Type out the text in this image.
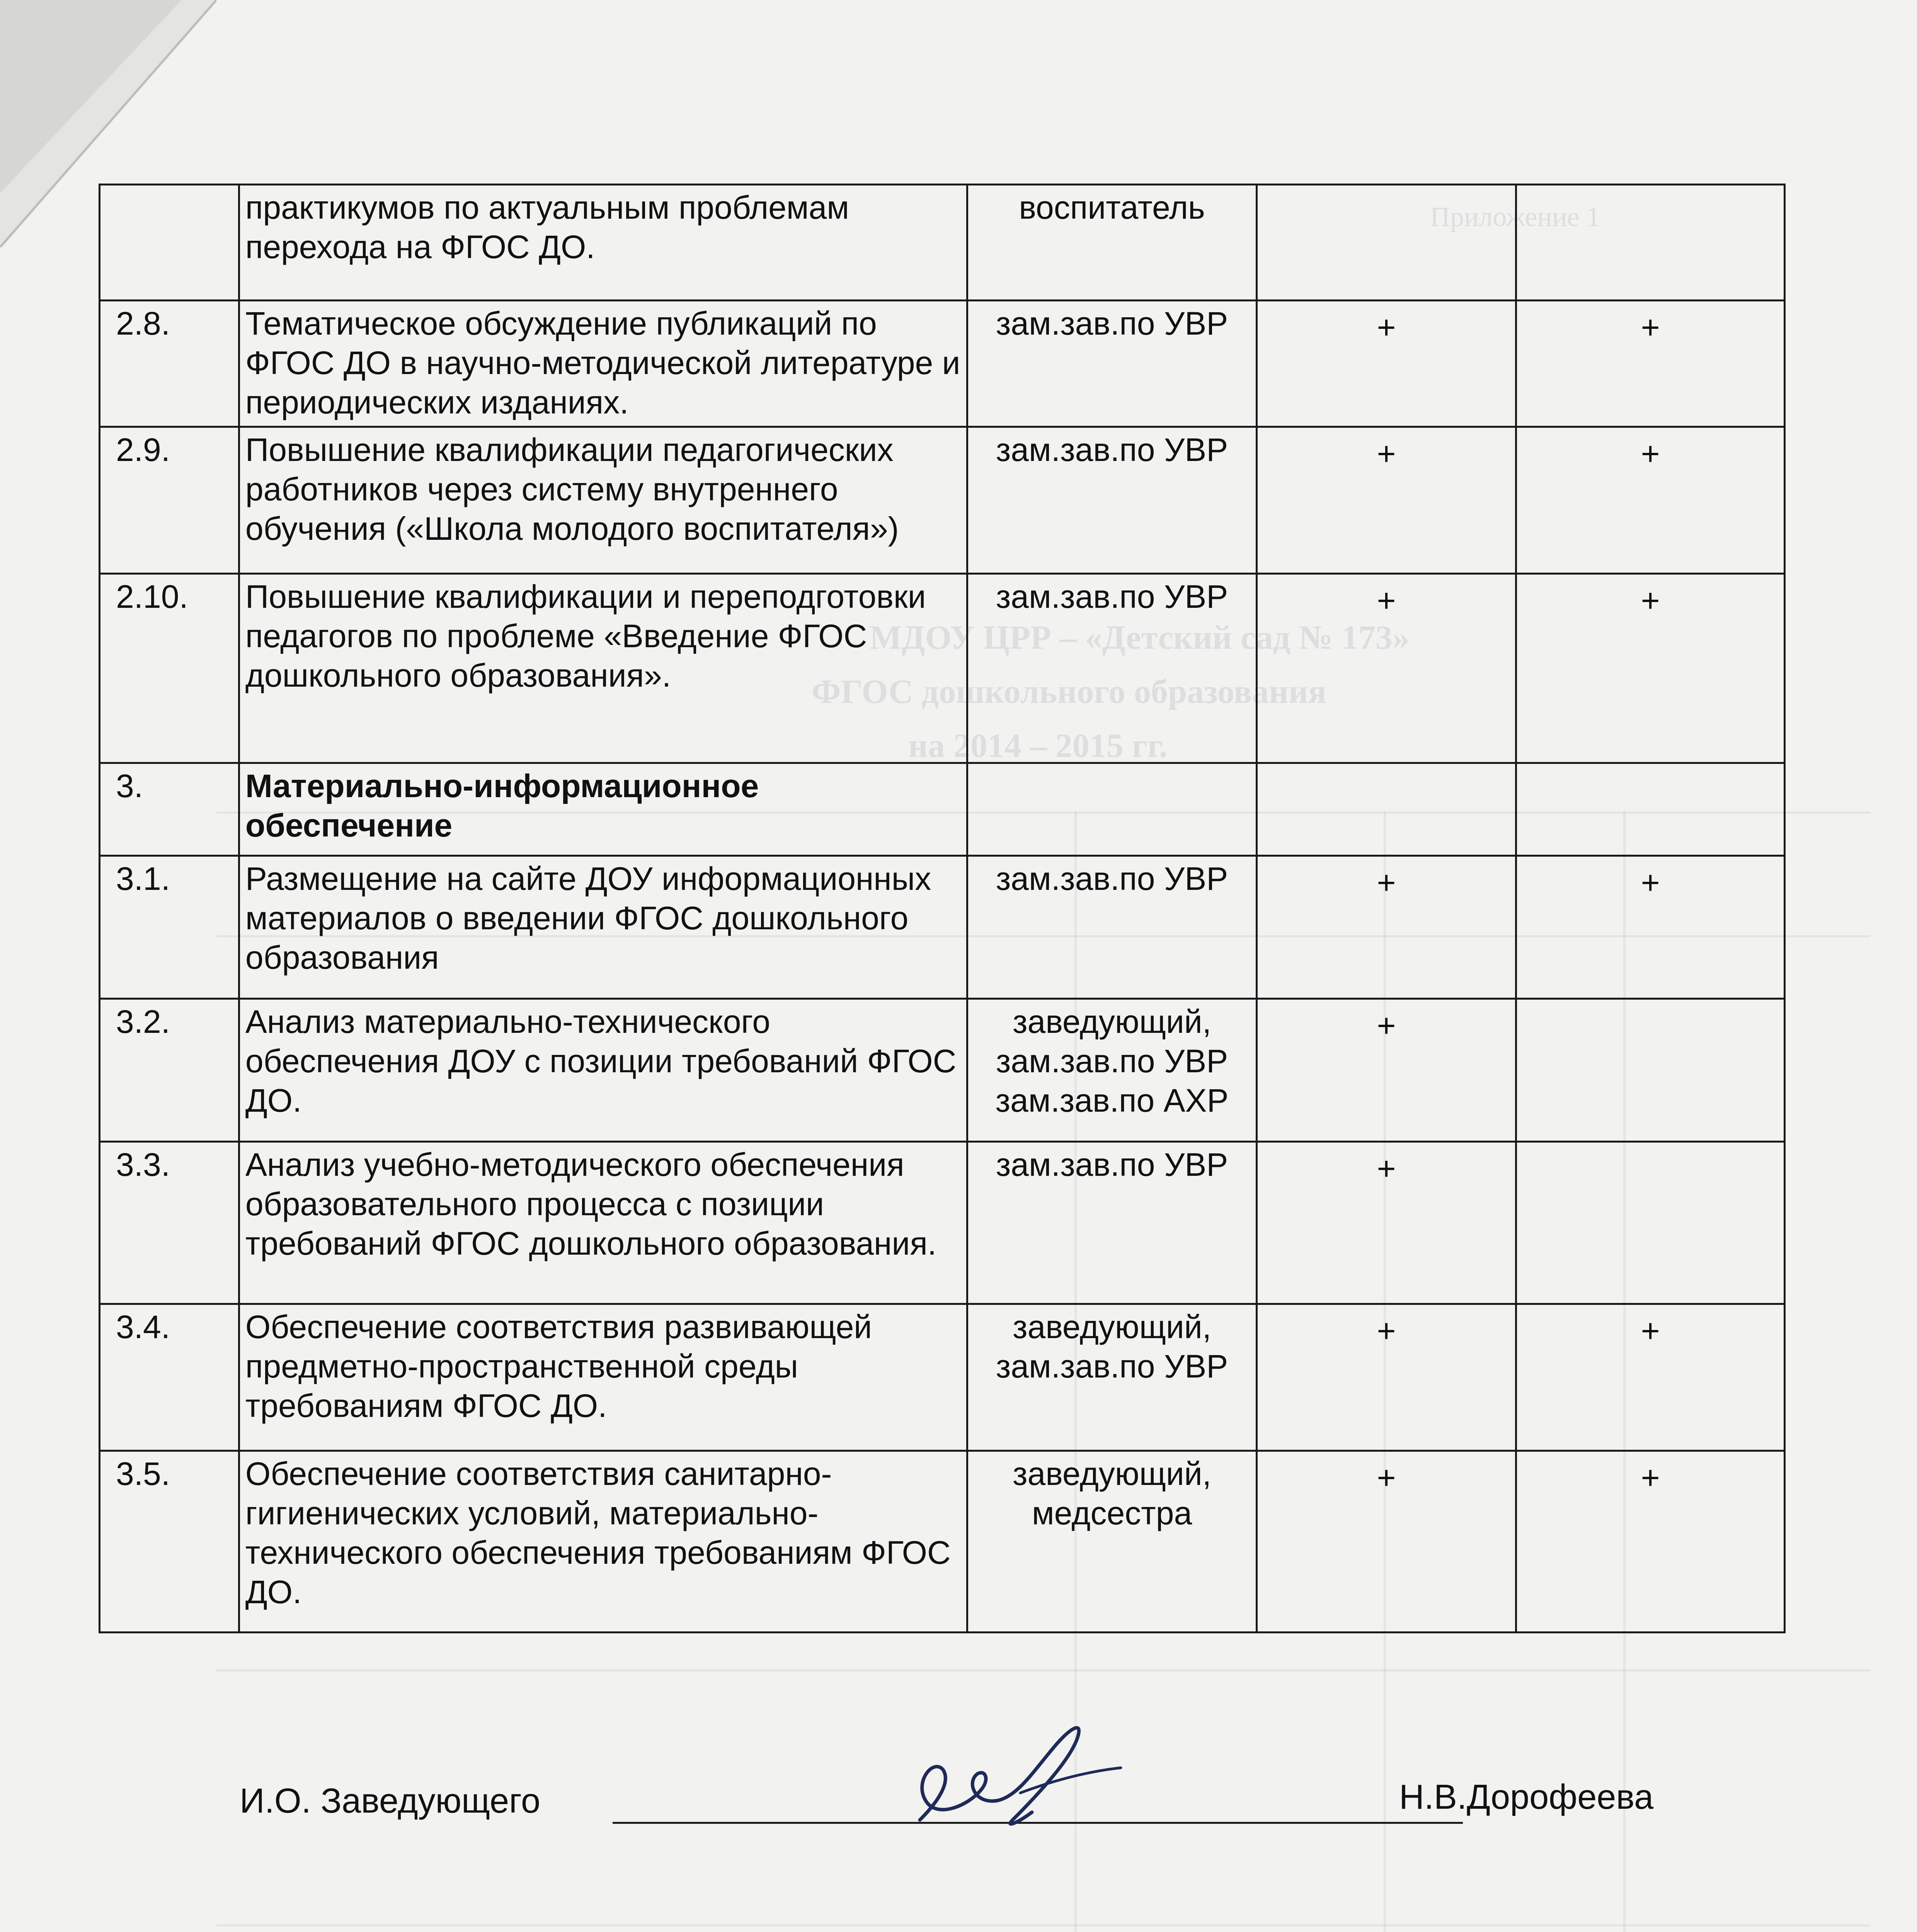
Приложение 1
МДОУ ЦРР – «Детский сад № 173»
ФГОС дошкольного образования
на 2014 – 2015 гг.
	практикумов по актуальным проблемам перехода на ФГОС ДО.	воспитатель		
2.8.	Тематическое обсуждение публикаций по ФГОС ДО в научно-методической литературе и периодических изданиях.	зам.зав.по УВР	+	+
2.9.	Повышение квалификации педагогических работников через систему внутреннего обучения («Школа молодого воспитателя»)	зам.зав.по УВР	+	+
2.10.	Повышение квалификации и переподготовки педагогов по проблеме «Введение ФГОС дошкольного образования».	зам.зав.по УВР	+	+
3.	Материально-информационное обеспечение			
3.1.	Размещение на сайте ДОУ информационных материалов о введении ФГОС дошкольного образования	зам.зав.по УВР	+	+
3.2.	Анализ материально-технического обеспечения ДОУ с позиции требований ФГОС ДО.	заведующий, зам.зав.по УВР зам.зав.по АХР	+	
3.3.	Анализ учебно-методического обеспечения образовательного процесса с позиции требований ФГОС дошкольного образования.	зам.зав.по УВР	+	
3.4.	Обеспечение соответствия развивающей предметно-пространственной среды требованиям ФГОС ДО.	заведующий, зам.зав.по УВР	+	+
3.5.	Обеспечение соответствия санитарно-гигиенических условий, материально-технического обеспечения требованиям ФГОС ДО.	заведующий, медсестра	+	+
И.О. Заведующего	Н.В.Дорофеева
